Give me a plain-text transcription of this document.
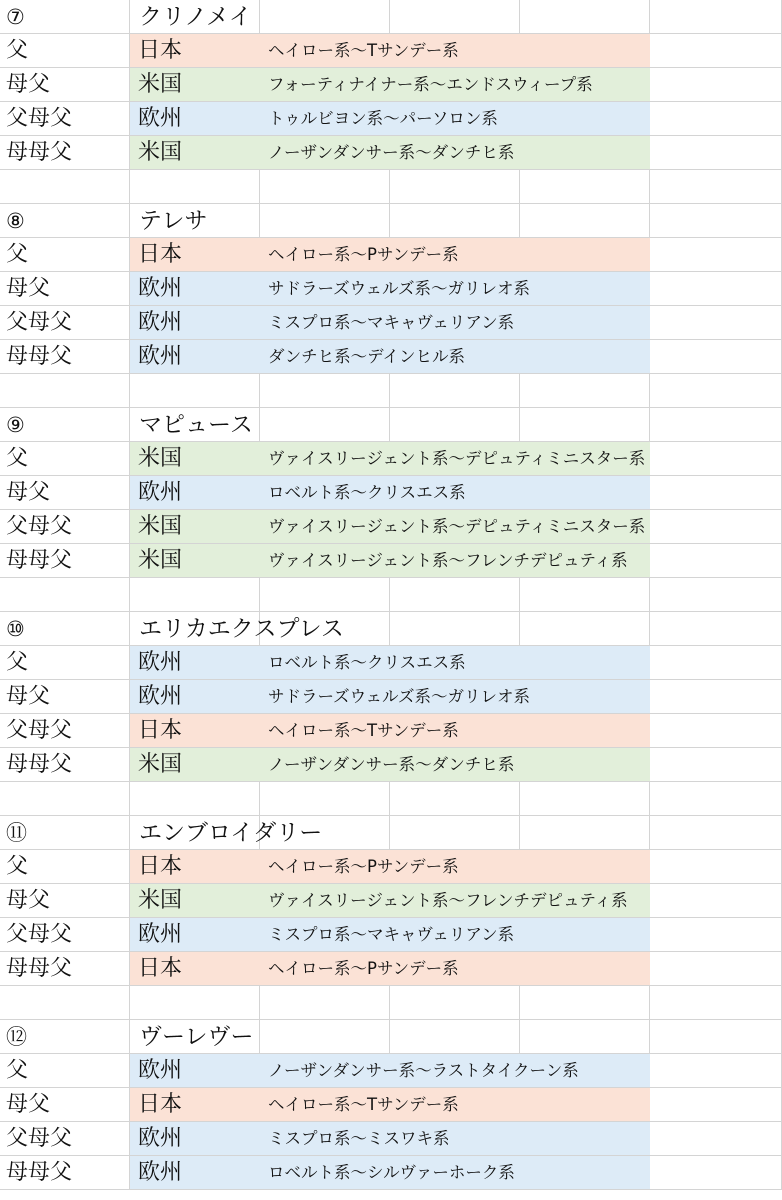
⑦	クリノメイ
父	日本	ヘイロー系～Tサンデー系
母父	米国	フォーティナイナー系～エンドスウィープ系
父母父	欧州	トゥルビヨン系～パーソロン系
母母父	米国	ノーザンダンサー系～ダンチヒ系
⑧	テレサ
父	日本	ヘイロー系～Pサンデー系
母父	欧州	サドラーズウェルズ系～ガリレオ系
父母父	欧州	ミスプロ系～マキャヴェリアン系
母母父	欧州	ダンチヒ系～デインヒル系
⑨	マピュース
父	米国	ヴァイスリージェント系～デピュティミニスター系
母父	欧州	ロベルト系～クリスエス系
父母父	米国	ヴァイスリージェント系～デピュティミニスター系
母母父	米国	ヴァイスリージェント系～フレンチデピュティ系
⑩	エリカエクスプレス
父	欧州	ロベルト系～クリスエス系
母父	欧州	サドラーズウェルズ系～ガリレオ系
父母父	日本	ヘイロー系～Tサンデー系
母母父	米国	ノーザンダンサー系～ダンチヒ系
⑪	エンブロイダリー
父	日本	ヘイロー系～Pサンデー系
母父	米国	ヴァイスリージェント系～フレンチデピュティ系
父母父	欧州	ミスプロ系～マキャヴェリアン系
母母父	日本	ヘイロー系～Pサンデー系
⑫	ヴーレヴー
父	欧州	ノーザンダンサー系～ラストタイクーン系
母父	日本	ヘイロー系～Tサンデー系
父母父	欧州	ミスプロ系～ミスワキ系
母母父	欧州	ロベルト系～シルヴァーホーク系
